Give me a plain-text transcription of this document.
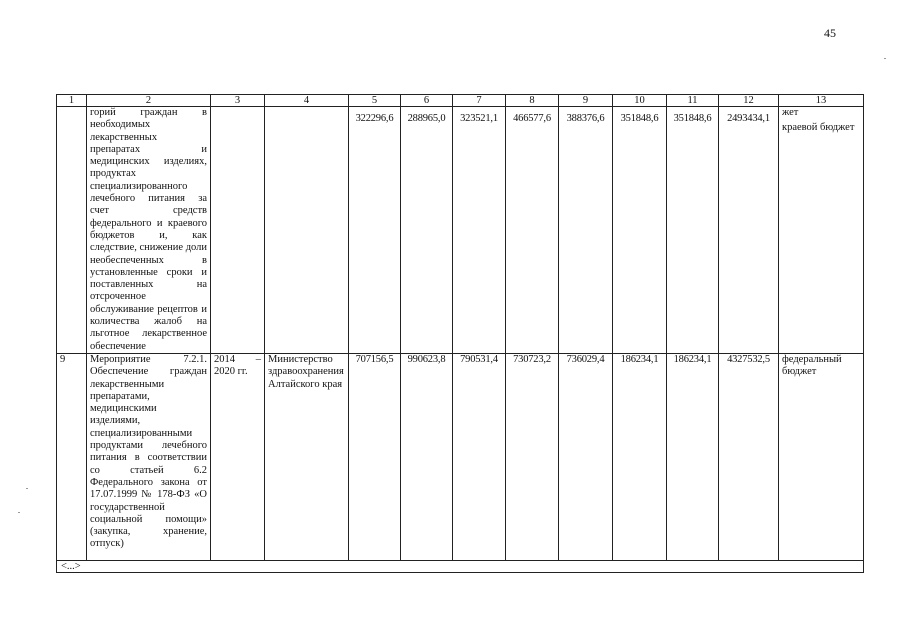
45
1	2	3	4	5	6	7	8	9	10	11	12	13
	горий граждан в необходимых лекарственных препаратах и медицинских изделиях, продуктах специализированного лечебного питания за счет средств федерального и краевого бюджетов и, как следствие, снижение доли необеспеченных в установленные сроки и поставленных на отсроченное обслуживание рецептов и количества жалоб на льготное лекарственное обеспечение			322296,6	288965,0	323521,1	466577,6	388376,6	351848,6	351848,6	2493434,1	жет
краевой бюджет

9	Мероприятие 7.2.1. Обеспечение граждан лекарственными препаратами, медицинскими изделиями, специализированными продуктами лечебного питания в соответствии со статьей 6.2 Федерального закона от 17.07.1999 № 178-ФЗ «О государственной социальной помощи» (закупка, хранение, отпуск)	2014 – 2020 гг.	Министерство здравоохранения Алтайского края	707156,5	990623,8	790531,4	730723,2	736029,4	186234,1	186234,1	4327532,5	федеральный бюджет
<...>												
